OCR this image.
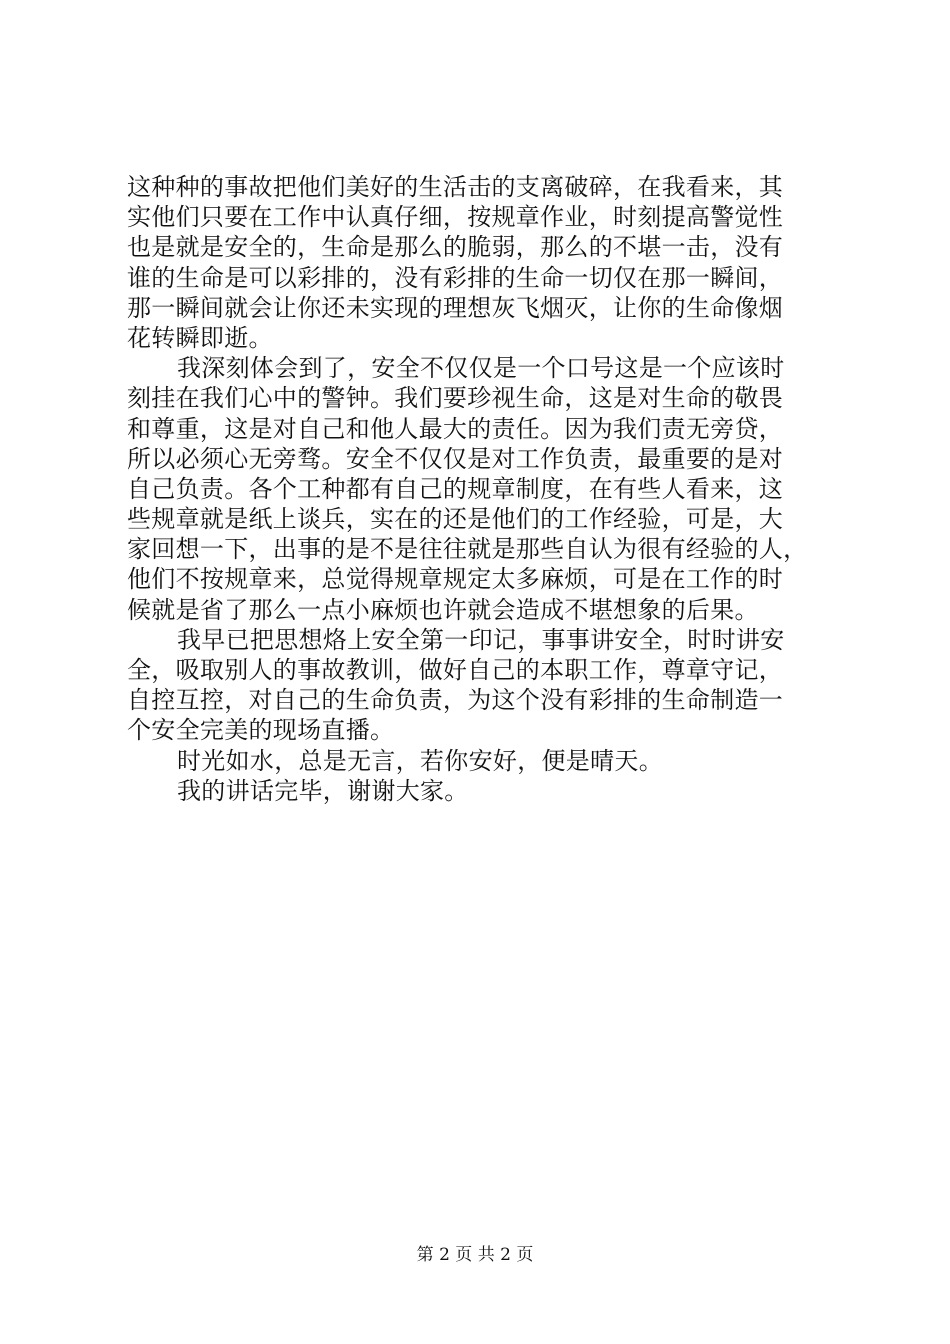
这种种的事故把他们美好的生活击的支离破碎，在我看来，其
实他们只要在工作中认真仔细，按规章作业，时刻提高警觉性
也是就是安全的，生命是那么的脆弱，那么的不堪一击，没有
谁的生命是可以彩排的，没有彩排的生命一切仅在那一瞬间，
那一瞬间就会让你还未实现的理想灰飞烟灭，让你的生命像烟
花转瞬即逝。
我深刻体会到了，安全不仅仅是一个口号这是一个应该时
刻挂在我们心中的警钟。我们要珍视生命，这是对生命的敬畏
和尊重，这是对自己和他人最大的责任。因为我们责无旁贷，
所以必须心无旁骛。安全不仅仅是对工作负责，最重要的是对
自己负责。各个工种都有自己的规章制度，在有些人看来，这
些规章就是纸上谈兵，实在的还是他们的工作经验，可是，大
家回想一下，出事的是不是往往就是那些自认为很有经验的人，
他们不按规章来，总觉得规章规定太多麻烦，可是在工作的时
候就是省了那么一点小麻烦也许就会造成不堪想象的后果。
我早已把思想烙上安全第一印记，事事讲安全，时时讲安
全，吸取别人的事故教训，做好自己的本职工作，尊章守记，
自控互控，对自己的生命负责，为这个没有彩排的生命制造一
个安全完美的现场直播。
时光如水，总是无言，若你安好，便是晴天。
我的讲话完毕，谢谢大家。
第 2 页 共 2 页
